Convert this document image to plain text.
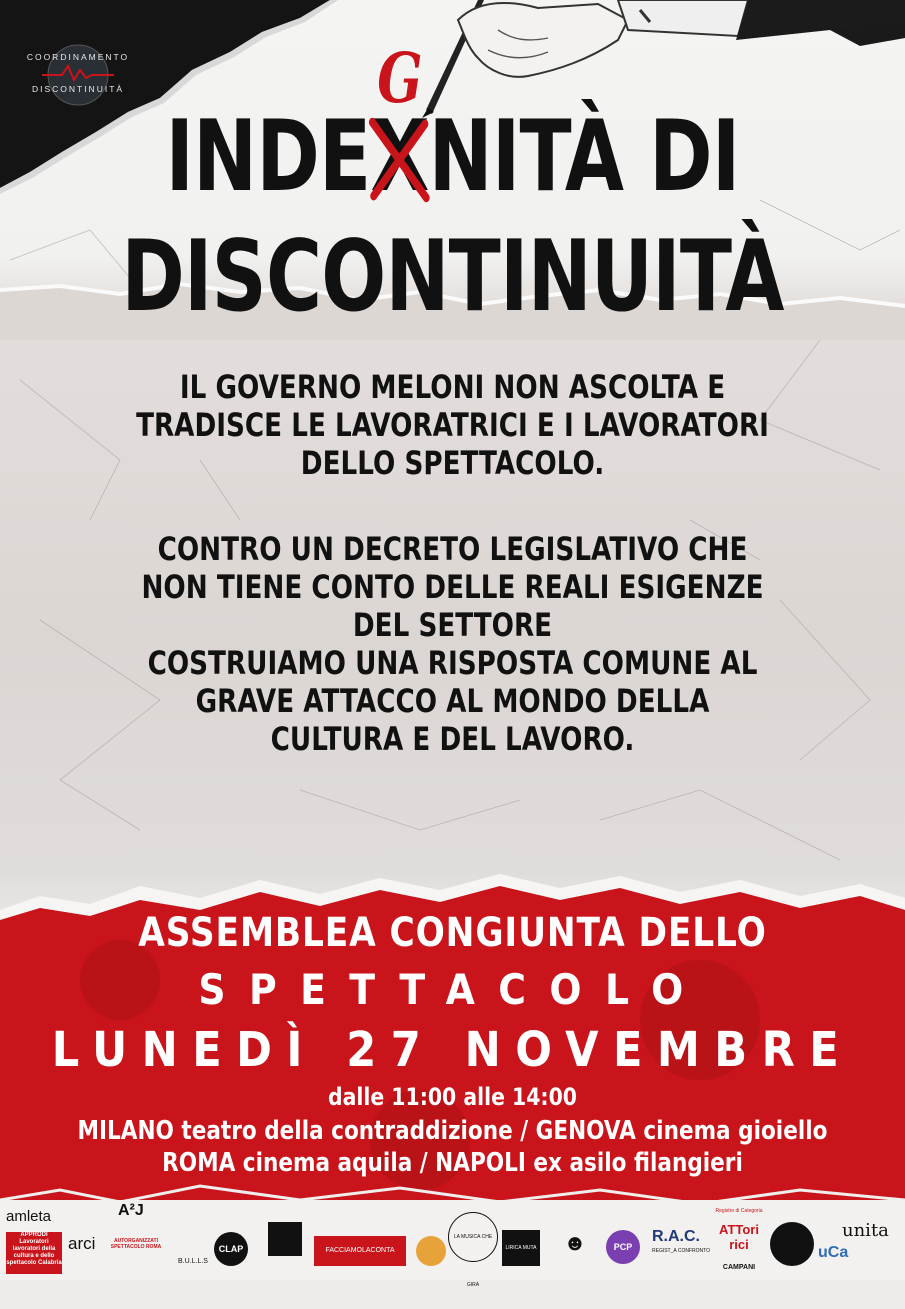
COORDINAMENTO
DISCONTINUITÀ
INDEX
G
NITÀ DI
DISCONTINUITÀ
IL GOVERNO MELONI NON ASCOLTA E
TRADISCE LE LAVORATRICI E I LAVORATORI
DELLO SPETTACOLO.
CONTRO UN DECRETO LEGISLATIVO CHE
NON TIENE CONTO DELLE REALI ESIGENZE
DEL SETTORE
COSTRUIAMO UNA RISPOSTA COMUNE AL
GRAVE ATTACCO AL MONDO DELLA
CULTURA E DEL LAVORO.
ASSEMBLEA CONGIUNTA DELLO
SPETTACOLO
LUNEDÌ 27 NOVEMBRE
dalle 11:00 alle 14:00
MILANO teatro della contraddizione / GENOVA cinema gioiello
ROMA cinema aquila / NAPOLI ex asilo filangieri
amleta
APPRODI Lavoratori lavoratori della cultura e dello spettacolo Calabria
A²J
arci	AUTORGANIZZATI SPETTACOLO ROMA
B.U.L.L.S
CLAP	FACCIAMOLACONTA
LA MUSICA CHE GIRA
LIRICA MUTA	☻	PCP
R.A.C.
REGIST_A CONFRONTO
Registro di Categoria
ATTori rici
CAMPANI
unita
uCa
